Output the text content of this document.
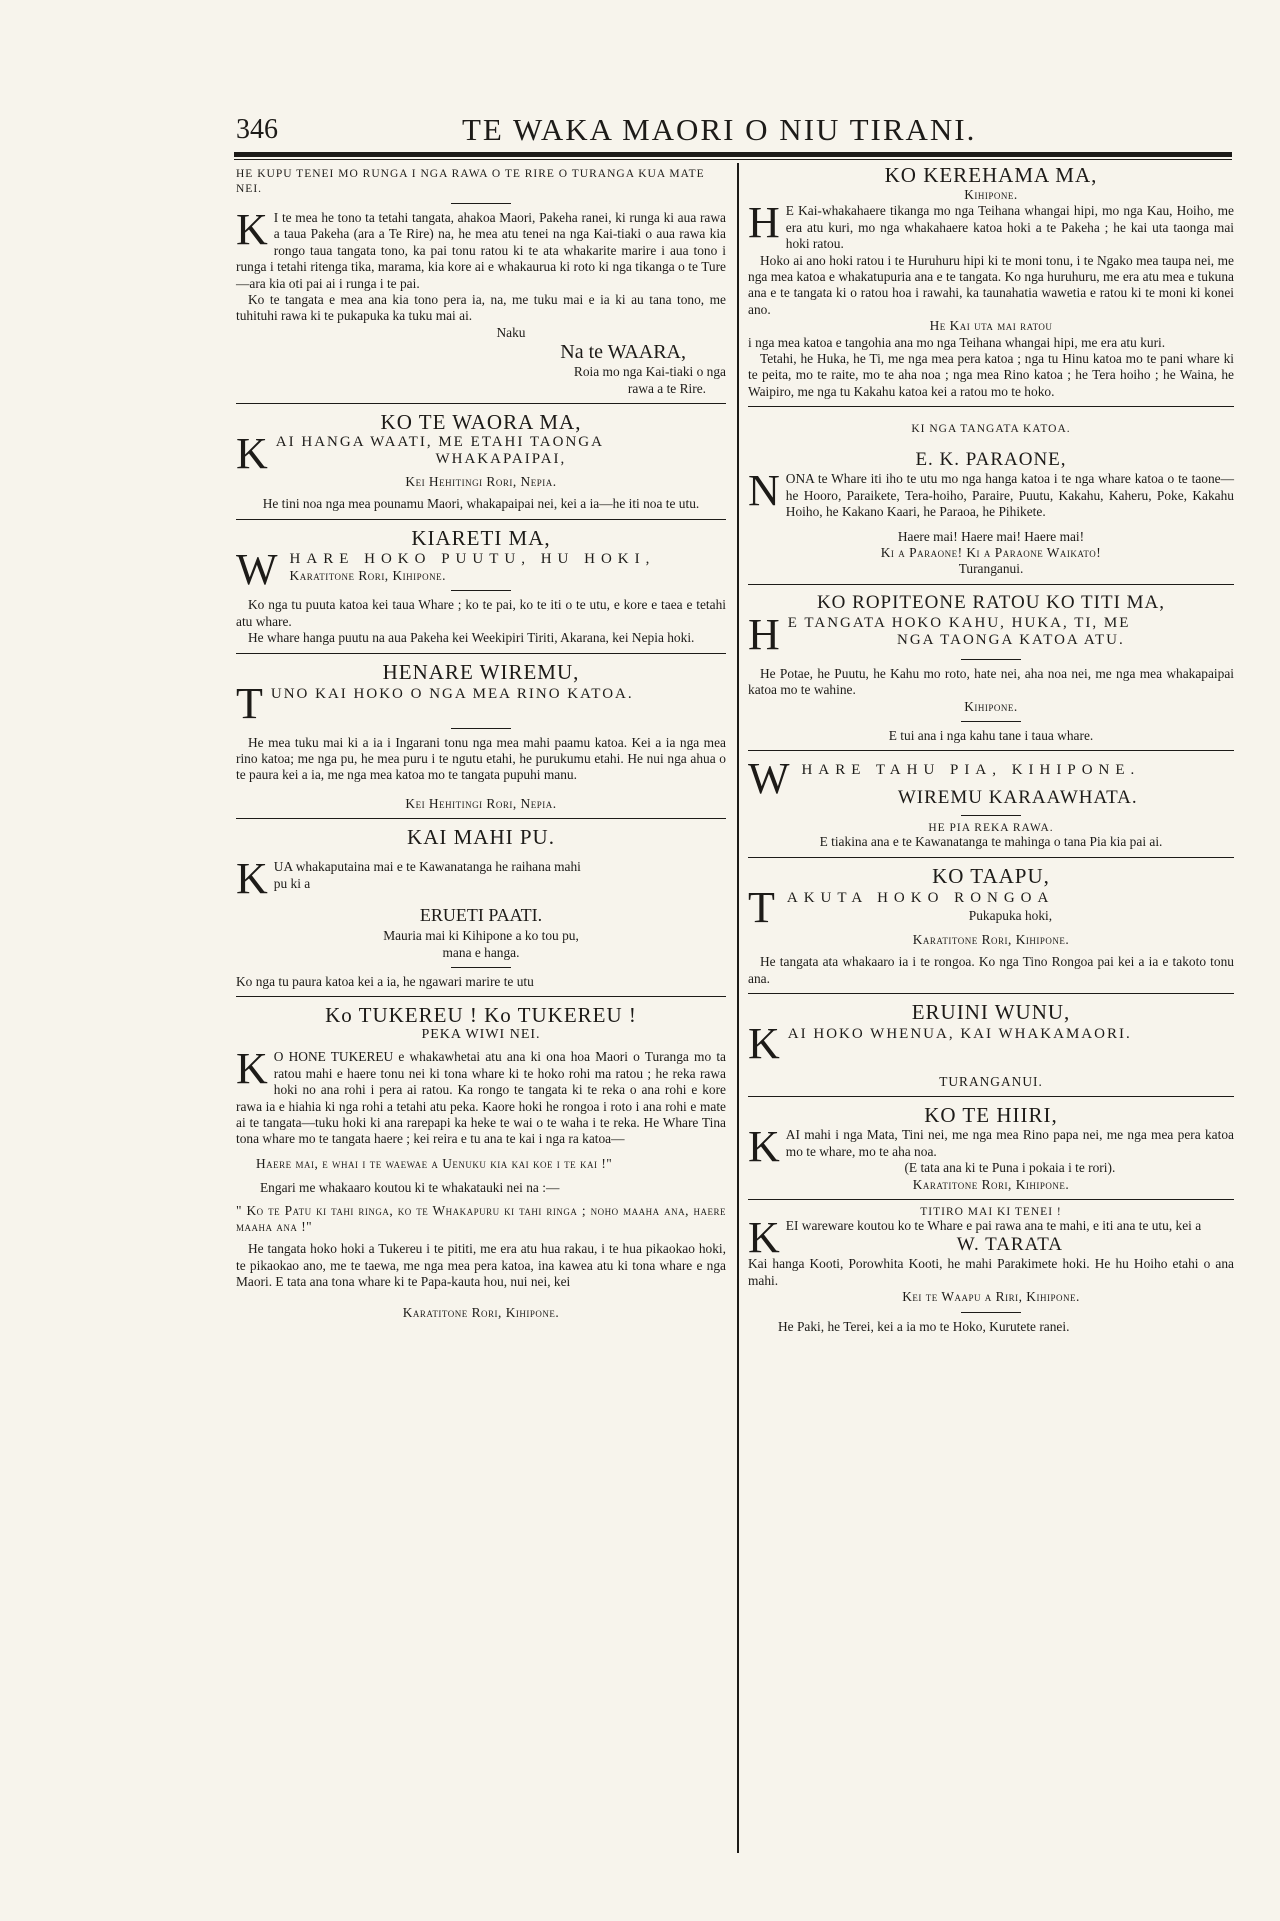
346	TE WAKA MAORI O NIU TIRANI.

HE KUPU TENEI MO RUNGA I NGA RAWA O TE RIRE O TURANGA KUA MATE NEI.

K I te mea he tono ta tetahi tangata, ahakoa Maori, Pakeha ranei, ki runga ki aua rawa a taua Pakeha (ara a Te Rire) na, he mea atu tenei na nga Kai-tiaki o aua rawa kia rongo taua tangata tono, ka pai tonu ratou ki te ata whakarite marire i aua tono i runga i tetahi ritenga tika, marama, kia kore ai e whakaurua ki roto ki nga tikanga o te Ture—ara kia oti pai ai i runga i te pai.

Ko te tangata e mea ana kia tono pera ia, na, me tuku mai e ia ki au tana tono, me tuhituhi rawa ki te pukapuka ka tuku mai ai.

Naku

Na te WAARA,

Roia mo nga Kai-tiaki o nga

rawa a te Rire.

KO TE WAORA MA,

KAI HANGA WAATI, ME ETAHI TAONGA

WHAKAPAIPAI,

Kei Hehitingi Rori, Nepia.

He tini noa nga mea pounamu Maori, whakapaipai nei, kei a ia—he iti noa te utu.

KIARETI MA,

WHARE HOKO PUUTU, HU HOKI,

Karatitone Rori, Kihipone.

Ko nga tu puuta katoa kei taua Whare ; ko te pai, ko te iti o te utu, e kore e taea e tetahi atu whare.

He whare hanga puutu na aua Pakeha kei Weekipiri Tiriti, Akarana, kei Nepia hoki.

HENARE WIREMU,

TUNO KAI HOKO O NGA MEA RINO KATOA.

He mea tuku mai ki a ia i Ingarani tonu nga mea mahi paamu katoa. Kei a ia nga mea rino katoa; me nga pu, he mea puru i te ngutu etahi, he purukumu etahi. He nui nga ahua o te paura kei a ia, me nga mea katoa mo te tangata pupuhi manu.

Kei Hehitingi Rori, Nepia.

KAI MAHI PU.

KUA whakaputaina mai e te Kawanatanga he raihana mahi

pu ki a

ERUETI PAATI.

Mauria mai ki Kihipone a ko tou pu,

mana e hanga.

Ko nga tu paura katoa kei a ia, he ngawari marire te utu

Ko TUKEREU ! Ko TUKEREU !

PEKA WIWI NEI.

K O HONE TUKEREU e whakawhetai atu ana ki ona hoa Maori o Turanga mo ta ratou mahi e haere tonu nei ki tona whare ki te hoko rohi ma ratou ; he reka rawa hoki no ana rohi i pera ai ratou. Ka rongo te tangata ki te reka o ana rohi e kore rawa ia e hiahia ki nga rohi a tetahi atu peka. Kaore hoki he rongoa i roto i ana rohi e mate ai te tangata—tuku hoki ki ana rarepapi ka heke te wai o te waha i te reka. He Whare Tina tona whare mo te tangata haere ; kei reira e tu ana te kai i nga ra katoa—

Haere mai, e whai i te waewae a Uenuku kia kai koe i te kai !"

Engari me whakaaro koutou ki te whakatauki nei na :—

" Ko te Patu ki tahi ringa, ko te Whakapuru ki tahi ringa ; noho maaha ana, haere maaha ana !"

He tangata hoko hoki a Tukereu i te pititi, me era atu hua rakau, i te hua pikaokao hoki, te pikaokao ano, me te taewa, me nga mea pera katoa, ina kawea atu ki tona whare e nga Maori. E tata ana tona whare ki te Papa-kauta hou, nui nei, kei

Karatitone Rori, Kihipone.

KO KEREHAMA MA,

Kihipone.

H E Kai-whakahaere tikanga mo nga Teihana whangai hipi, mo nga Kau, Hoiho, me era atu kuri, mo nga whakahaere katoa hoki a te Pakeha ; he kai uta taonga mai hoki ratou.

Hoko ai ano hoki ratou i te Huruhuru hipi ki te moni tonu, i te Ngako mea taupa nei, me nga mea katoa e whakatupuria ana e te tangata. Ko nga huruhuru, me era atu mea e tukuna ana e te tangata ki o ratou hoa i rawahi, ka taunahatia wawetia e ratou ki te moni ki konei ano.

He Kai uta mai ratou

i nga mea katoa e tangohia ana mo nga Teihana whangai hipi, me era atu kuri.

Tetahi, he Huka, he Ti, me nga mea pera katoa ; nga tu Hinu katoa mo te pani whare ki te peita, mo te raite, mo te aha noa ; nga mea Rino katoa ; he Tera hoiho ; he Waina, he Waipiro, me nga tu Kakahu katoa kei a ratou mo te hoko.

KI NGA TANGATA KATOA.

E. K. PARAONE,

NONA te Whare iti iho te utu mo nga hanga katoa i te nga whare katoa o te taone—he Hooro, Paraikete, Tera-hoiho, Paraire, Puutu, Kakahu, Kaheru, Poke, Kakahu Hoiho, he Kakano Kaari, he Paraoa, he Pihikete.

Haere mai! Haere mai! Haere mai!

Ki a Paraone! Ki a Paraone Waikato!

Turanganui.

KO ROPITEONE RATOU KO TITI MA,

H E TANGATA HOKO KAHU, HUKA, TI, ME

NGA TAONGA KATOA ATU.

He Potae, he Puutu, he Kahu mo roto, hate nei, aha noa nei, me nga mea whakapaipai katoa mo te wahine.

Kihipone.

E tui ana i nga kahu tane i taua whare.

WHARE TAHU PIA, KIHIPONE.

WIREMU KARAAWHATA.

HE PIA REKA RAWA.

E tiakina ana e te Kawanatanga te mahinga o tana Pia kia pai ai.

KO TAAPU,

TAKUTA HOKO RONGOA

Pukapuka hoki,

Karatitone Rori, Kihipone.

He tangata ata whakaaro ia i te rongoa. Ko nga Tino Rongoa pai kei a ia e takoto tonu ana.

ERUINI WUNU,

KAI HOKO WHENUA, KAI WHAKAMAORI.

TURANGANUI.

KO TE HIIRI,

KAI mahi i nga Mata, Tini nei, me nga mea Rino papa nei, me nga mea pera katoa mo te whare, mo te aha noa.

(E tata ana ki te Puna i pokaia i te rori).

Karatitone Rori, Kihipone.

TITIRO MAI KI TENEI !

KEI wareware koutou ko te Whare e pai rawa ana te mahi, e iti ana te utu, kei a

W. TARATA

Kai hanga Kooti, Porowhita Kooti, he mahi Parakimete hoki. He hu Hoiho etahi o ana mahi.

Kei te Waapu a Riri, Kihipone.

He Paki, he Terei, kei a ia mo te Hoko, Kurutete ranei.
